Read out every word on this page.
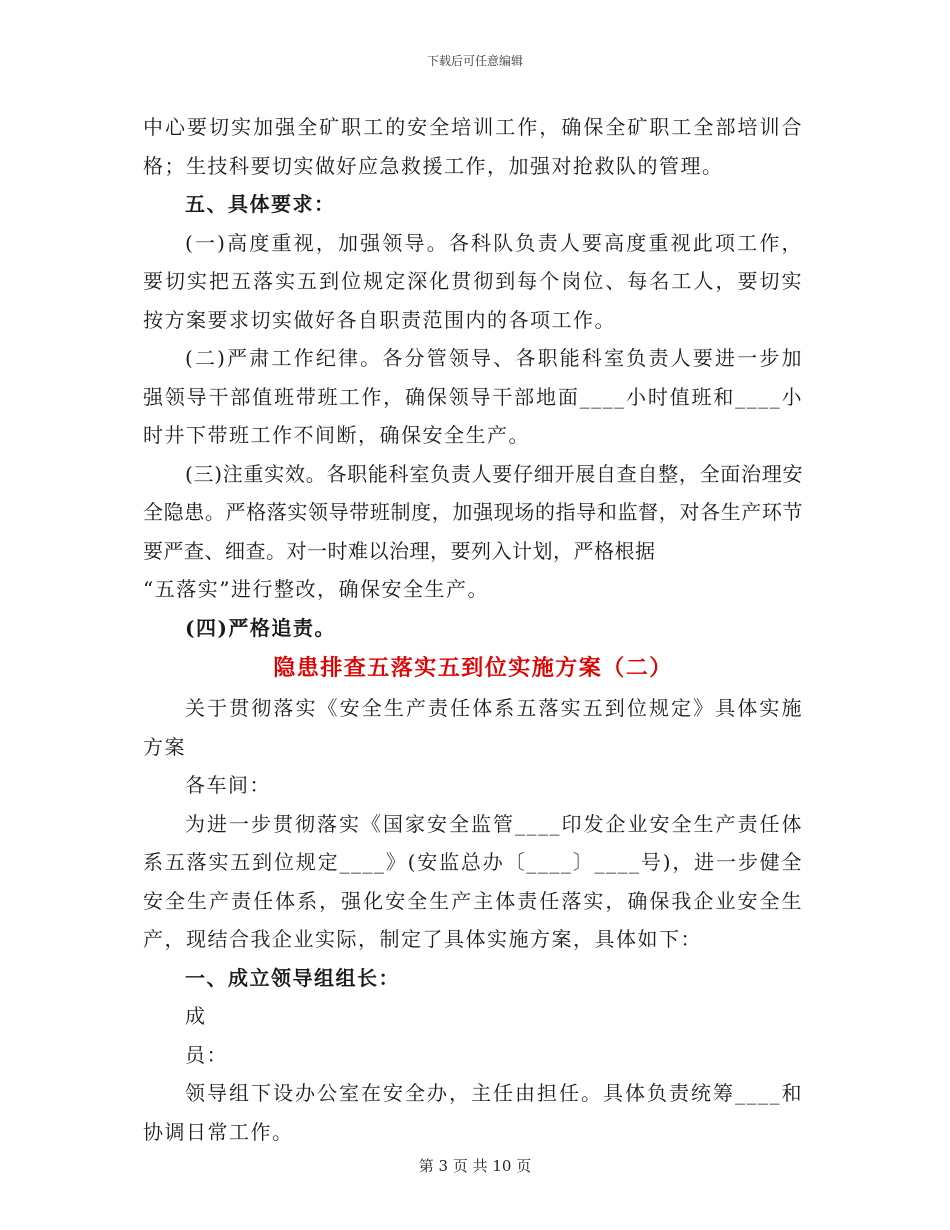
下载后可任意编辑

中心要切实加强全矿职工的安全培训工作，确保全矿职工全部培训合格；生技科要切实做好应急救援工作，加强对抢救队的管理。

五、具体要求：

(一)高度重视，加强领导。各科队负责人要高度重视此项工作，要切实把五落实五到位规定深化贯彻到每个岗位、每名工人，要切实按方案要求切实做好各自职责范围内的各项工作。

(二)严肃工作纪律。各分管领导、各职能科室负责人要进一步加强领导干部值班带班工作，确保领导干部地面____小时值班和____小时井下带班工作不间断，确保安全生产。

(三)注重实效。各职能科室负责人要仔细开展自查自整，全面治理安全隐患。严格落实领导带班制度，加强现场的指导和监督，对各生产环节要严查、细查。对一时难以治理，要列入计划，严格根据

“五落实”进行整改，确保安全生产。

(四)严格追责。

隐患排查五落实五到位实施方案（二）

关于贯彻落实《安全生产责任体系五落实五到位规定》具体实施方案

各车间：

为进一步贯彻落实《国家安全监管____印发企业安全生产责任体系五落实五到位规定____》(安监总办〔____〕____号)，进一步健全安全生产责任体系，强化安全生产主体责任落实，确保我企业安全生产，现结合我企业实际，制定了具体实施方案，具体如下：

一、成立领导组组长：

成

员：

领导组下设办公室在安全办，主任由担任。具体负责统筹____和协调日常工作。

第 3 页 共 10 页
